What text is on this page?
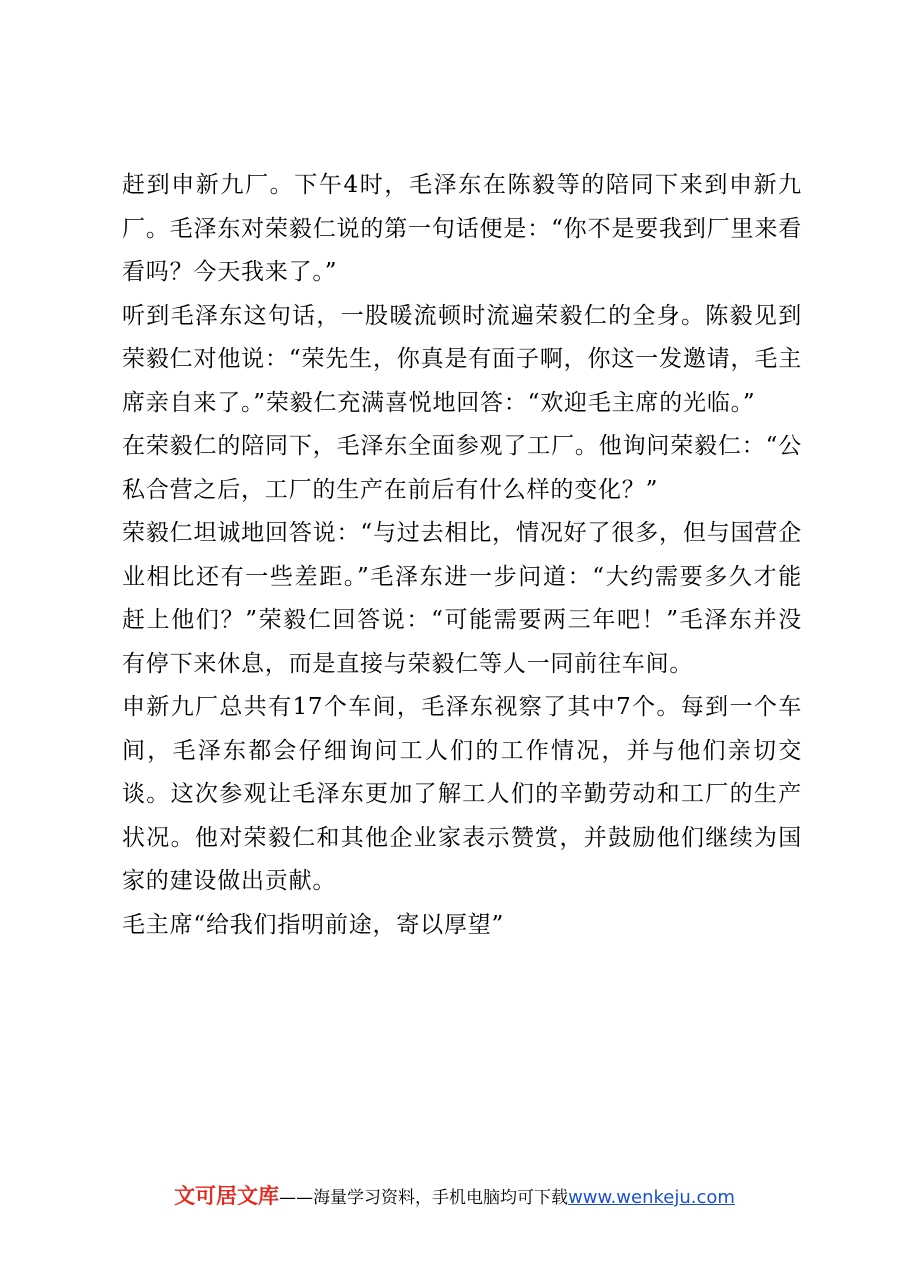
赶到申新九厂。下午4时，毛泽东在陈毅等的陪同下来到申新九厂。毛泽东对荣毅仁说的第一句话便是：“你不是要我到厂里来看看吗？今天我来了。”

听到毛泽东这句话，一股暖流顿时流遍荣毅仁的全身。陈毅见到荣毅仁对他说：“荣先生，你真是有面子啊，你这一发邀请，毛主席亲自来了。”荣毅仁充满喜悦地回答：“欢迎毛主席的光临。”

在荣毅仁的陪同下，毛泽东全面参观了工厂。他询问荣毅仁：“公私合营之后，工厂的生产在前后有什么样的变化？”

荣毅仁坦诚地回答说：“与过去相比，情况好了很多，但与国营企业相比还有一些差距。”毛泽东进一步问道：“大约需要多久才能赶上他们？”荣毅仁回答说：“可能需要两三年吧！”毛泽东并没有停下来休息，而是直接与荣毅仁等人一同前往车间。

申新九厂总共有17个车间，毛泽东视察了其中7个。每到一个车间，毛泽东都会仔细询问工人们的工作情况，并与他们亲切交谈。这次参观让毛泽东更加了解工人们的辛勤劳动和工厂的生产状况。他对荣毅仁和其他企业家表示赞赏，并鼓励他们继续为国家的建设做出贡献。

毛主席“给我们指明前途，寄以厚望”

文可居文库——海量学习资料，手机电脑均可下载www.wenkeju.com
